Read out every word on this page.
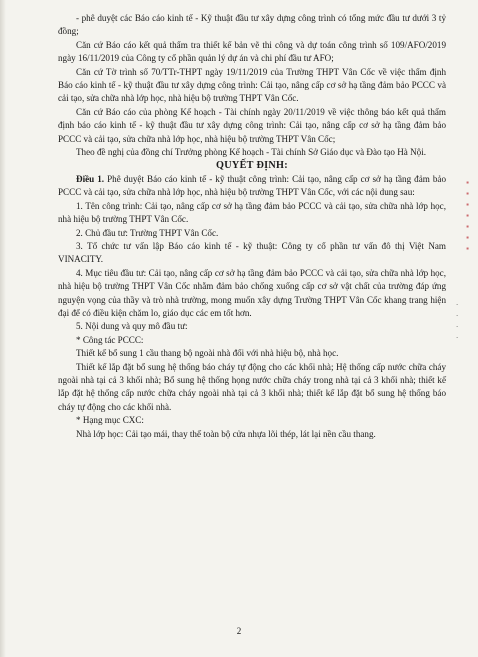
- phê duyệt các Báo cáo kinh tế - Kỹ thuật đầu tư xây dựng công trình có tổng mức đầu tư dưới 3 tỷ đồng;

Căn cứ Báo cáo kết quả thẩm tra thiết kế bản vẽ thi công và dự toán công trình số 109/AFO/2019 ngày 16/11/2019 của Công ty cổ phần quản lý dự án và chi phí đầu tư AFO;

Căn cứ Tờ trình số 70/TTr-THPT ngày 19/11/2019 của Trường THPT Vân Cốc về việc thẩm định Báo cáo kinh tế - kỹ thuật đầu tư xây dựng công trình: Cải tạo, nâng cấp cơ sở hạ tầng đảm bảo PCCC và cải tạo, sửa chữa nhà lớp học, nhà hiệu bộ trường THPT Vân Cốc.

Căn cứ Báo cáo của phòng Kế hoạch - Tài chính ngày 20/11/2019 về việc thông báo kết quả thẩm định báo cáo kinh tế - kỹ thuật đầu tư xây dựng công trình: Cải tạo, nâng cấp cơ sở hạ tầng đảm bảo PCCC và cải tạo, sửa chữa nhà lớp học, nhà hiệu bộ trường THPT Vân Cốc;

Theo đề nghị của đồng chí Trưởng phòng Kế hoạch - Tài chính Sở Giáo dục và Đào tạo Hà Nội.

QUYẾT ĐỊNH:

Điều 1. Phê duyệt Báo cáo kinh tế - kỹ thuật công trình: Cải tạo, nâng cấp cơ sở hạ tầng đảm bảo PCCC và cải tạo, sửa chữa nhà lớp học, nhà hiệu bộ trường THPT Vân Cốc, với các nội dung sau:

1. Tên công trình: Cải tạo, nâng cấp cơ sở hạ tầng đảm bảo PCCC và cải tạo, sửa chữa nhà lớp học, nhà hiệu bộ trường THPT Vân Cốc.

2. Chủ đầu tư: Trường THPT Vân Cốc.

3. Tổ chức tư vấn lập Báo cáo kinh tế - kỹ thuật: Công ty cổ phần tư vấn đô thị Việt Nam VINACITY.

4. Mục tiêu đầu tư: Cải tạo, nâng cấp cơ sở hạ tầng đảm bảo PCCC và cải tạo, sửa chữa nhà lớp học, nhà hiệu bộ trường THPT Vân Cốc nhằm đảm bảo chống xuống cấp cơ sở vật chất của trường đáp ứng nguyện vọng của thầy và trò nhà trường, mong muốn xây dựng Trường THPT Vân Cốc khang trang hiện đại để có điều kiện chăm lo, giáo dục các em tốt hơn.

5. Nội dung và quy mô đầu tư:

* Công tác PCCC:

Thiết kế bổ sung 1 cầu thang bộ ngoài nhà đối với nhà hiệu bộ, nhà học.

Thiết kế lắp đặt bổ sung hệ thống báo cháy tự động cho các khối nhà; Hệ thống cấp nước chữa cháy ngoài nhà tại cả 3 khối nhà; Bổ sung hệ thống họng nước chữa cháy trong nhà tại cả 3 khối nhà; thiết kế lắp đặt hệ thống cấp nước chữa cháy ngoài nhà tại cả 3 khối nhà; thiết kế lắp đặt bổ sung hệ thống báo cháy tự động cho các khối nhà.

* Hạng mục CXC:

Nhà lớp học: Cải tạo mái, thay thế toàn bộ cửa nhựa lõi thép, lát lại nền cầu thang.

▪ ▪ ▪ ▪ ▪ ▪ ▪
·
·
·
·
2
